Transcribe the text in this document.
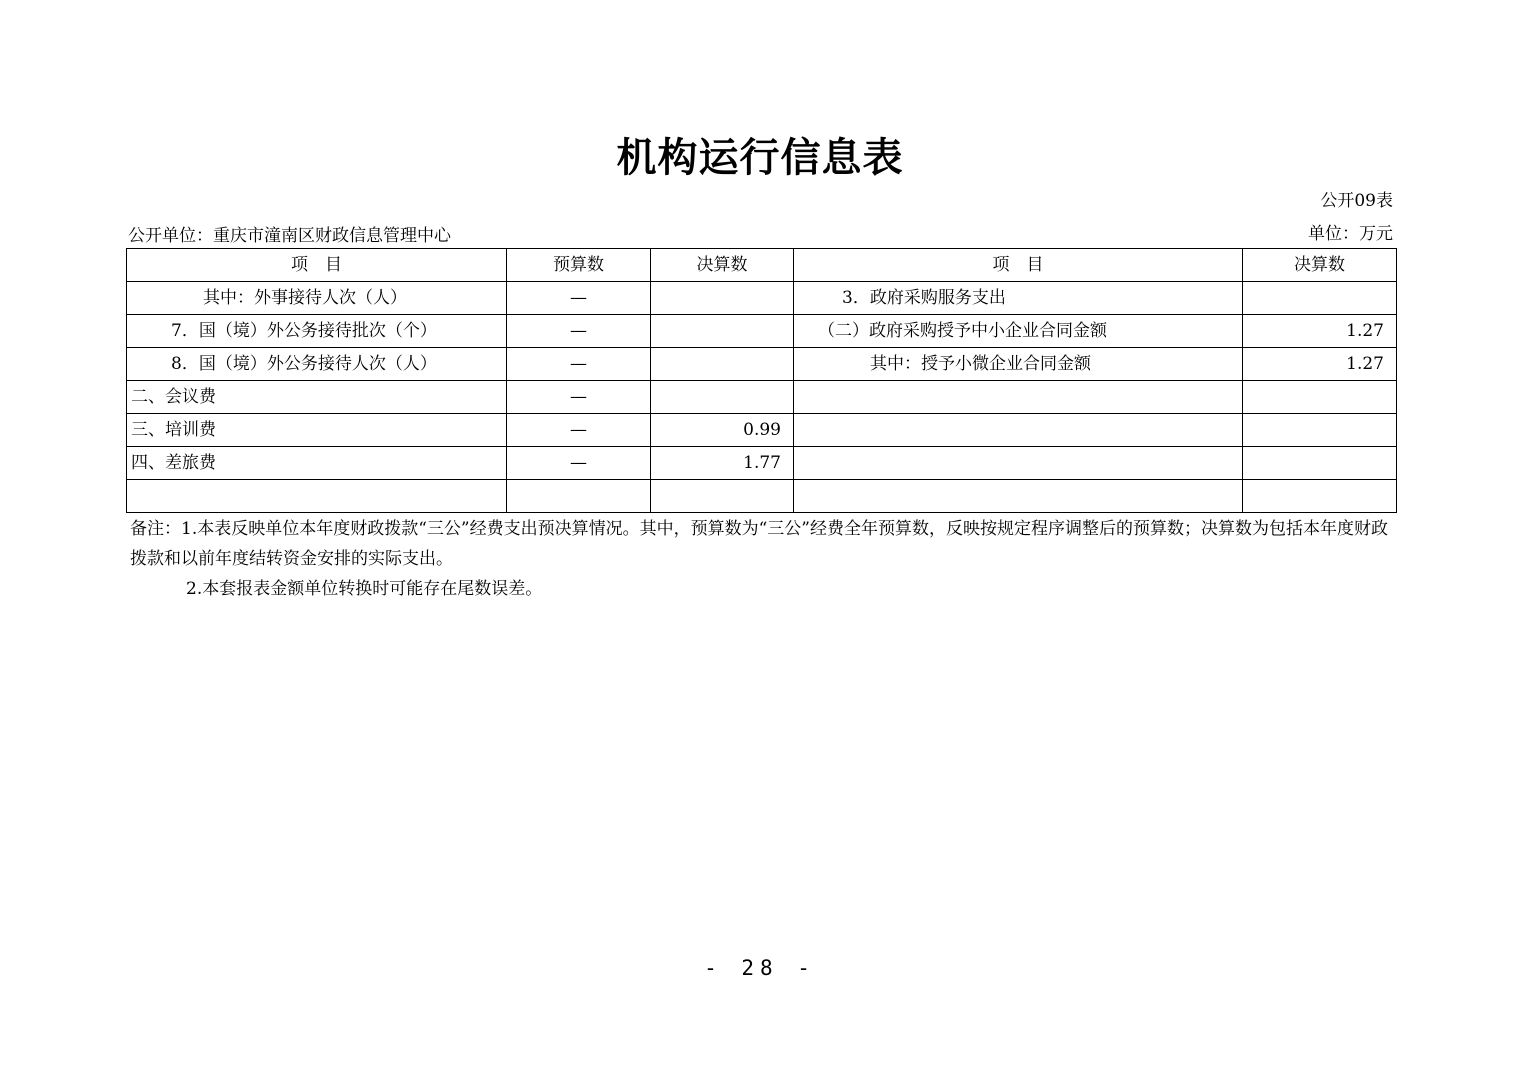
机构运行信息表
公开09表
公开单位：重庆市潼南区财政信息管理中心	单位：万元
项　目	预算数	决算数	项　目	决算数
其中：外事接待人次（人）	—		3．政府采购服务支出	
7．国（境）外公务接待批次（个）	—		（二）政府采购授予中小企业合同金额	1.27
8．国（境）外公务接待人次（人）	—		其中：授予小微企业合同金额	1.27
二、会议费	—			
三、培训费	—	0.99		
四、差旅费	—	1.77		

备注：1.本表反映单位本年度财政拨款“三公”经费支出预决算情况。其中，预算数为“三公”经费全年预算数，反映按规定程序调整后的预算数；决算数为包括本年度财政拨款和以前年度结转资金安排的实际支出。

2.本套报表金额单位转换时可能存在尾数误差。

- 28 -
